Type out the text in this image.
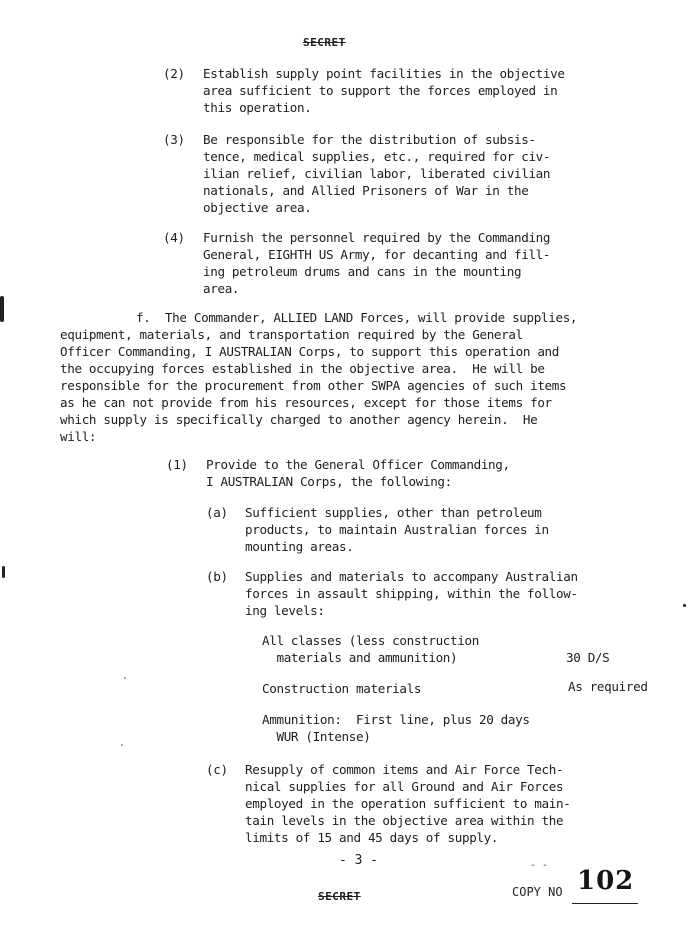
SECRET
(2) Establish supply point facilities in the objective
area sufficient to support the forces employed in
this operation.
(3) Be responsible for the distribution of subsis-
tence, medical supplies, etc., required for civ-
ilian relief, civilian labor, liberated civilian
nationals, and Allied Prisoners of War in the
objective area.
(4) Furnish the personnel required by the Commanding
General, EIGHTH US Army, for decanting and fill-
ing petroleum drums and cans in the mounting
area.
f.  The Commander, ALLIED LAND Forces, will provide supplies,
equipment, materials, and transportation required by the General
Officer Commanding, I AUSTRALIAN Corps, to support this operation and
the occupying forces established in the objective area.  He will be
responsible for the procurement from other SWPA agencies of such items
as he can not provide from his resources, except for those items for
which supply is specifically charged to another agency herein.  He
will:
(1) Provide to the General Officer Commanding,
I AUSTRALIAN Corps, the following:
(a) Sufficient supplies, other than petroleum
products, to maintain Australian forces in
mounting areas.
(b) Supplies and materials to accompany Australian
forces in assault shipping, within the follow-
ing levels:
All classes (less construction
materials and ammunition)	30 D/S
Construction materials	As required
Ammunition:  First line, plus 20 days
WUR (Intense)
(c) Resupply of common items and Air Force Tech-
nical supplies for all Ground and Air Forces
employed in the operation sufficient to main-
tain levels in the objective area within the
limits of 15 and 45 days of supply.
- 3 -	- -
102
COPY NO
SECRET
